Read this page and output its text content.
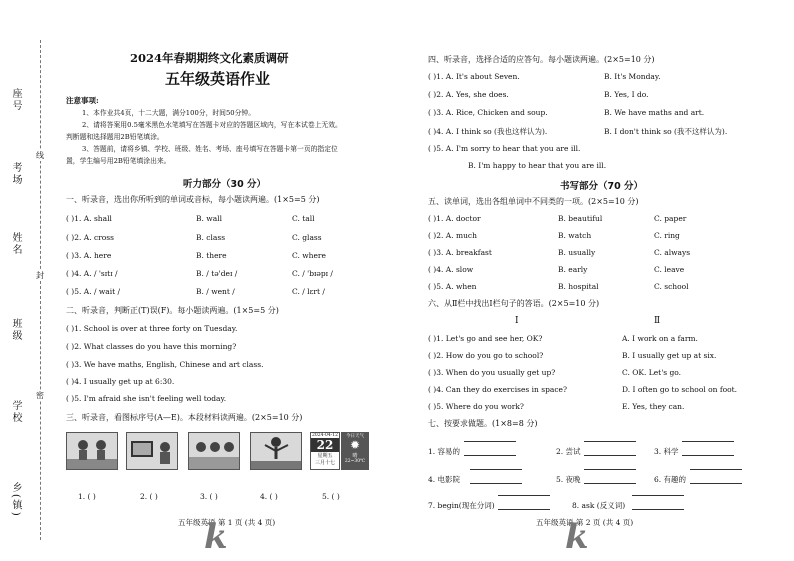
座号
考场
姓名
班级
学校
乡(镇)
线
封
密
2024年春期期终文化素质调研
五年级英语作业
注意事项:
1、本作业共4页，十二大题，满分100分，时间50分钟。
2、请将答案用0.5毫米黑色水笔填写在答题卡对应的答题区域内，写在本试卷上无效。
判断题和选择题用2B铅笔填涂。
3、答题前，请将乡镇、学校、班级、姓名、考场、座号填写在答题卡第一页的指定位
置，学生编号用2B铅笔填涂出来。
听力部分（30 分）
一、听录音，选出你所听到的单词或音标，每小题读两遍。(1×5=5 分)
( )1. A. shall	B. wall	C. tall
( )2. A. cross	B. class	C. glass
( )3. A. here	B. there	C. where
( )4. A. / 'sɪtɪ /	B. / tə'deɪ /	C. / 'bɪəpɪ /
( )5. A. / wait /	B. / went /	C. / lɛrt /
二、听录音，判断正(T)误(F)。每小题读两遍。(1×5=5 分)
( )1. School is over at three forty on Tuesday.
( )2. What classes do you have this morning?
( )3. We have maths, English, Chinese and art class.
( )4. I usually get up at 6:30.
( )5. I'm afraid she isn't feeling well today.
三、听录音，看图标序号(A—E)。本段材料读两遍。(2×5=10 分)
2024-04-12
22
星期五
三月十七
今日天气
✹
晴
22~30℃
1. ( )	2. ( )	3. ( )	4. ( )	5. ( )
五年级英语 第 1 页 (共 4 页)
k
四、听录音，选择合适的应答句。每小题读两遍。(2×5=10 分)
( )1. A. It's about Seven.	B. It's Monday.
( )2. A. Yes, she does.	B. Yes, I do.
( )3. A. Rice, Chicken and soup.	B. We have maths and art.
( )4. A. I think so (我也这样认为).	B. I don't think so (我不这样认为).
( )5. A. I'm sorry to hear that you are ill.
B. I'm happy to hear that you are ill.
书写部分（70 分）
五、读单词，选出各组单词中不同类的一项。(2×5=10 分)
( )1. A. doctor	B. beautiful	C. paper
( )2. A. much	B. watch	C. ring
( )3. A. breakfast	B. usually	C. always
( )4. A. slow	B. early	C. leave
( )5. A. when	B. hospital	C. school
六、从Ⅱ栏中找出Ⅰ栏句子的答语。(2×5=10 分)
Ⅰ	Ⅱ
( )1. Let's go and see her, OK?	A. I work on a farm.
( )2. How do you go to school?	B. I usually get up at six.
( )3. When do you usually get up?	C. OK. Let's go.
( )4. Can they do exercises in space?	D. I often go to school on foot.
( )5. Where do you work?	E. Yes, they can.
七、按要求做题。(1×8=8 分)
1. 容易的	2. 尝试	3. 科学
4. 电影院	5. 夜晚	6. 有趣的
7. begin(现在分词)	8. ask (反义词)
五年级英语 第 2 页 (共 4 页)
k
